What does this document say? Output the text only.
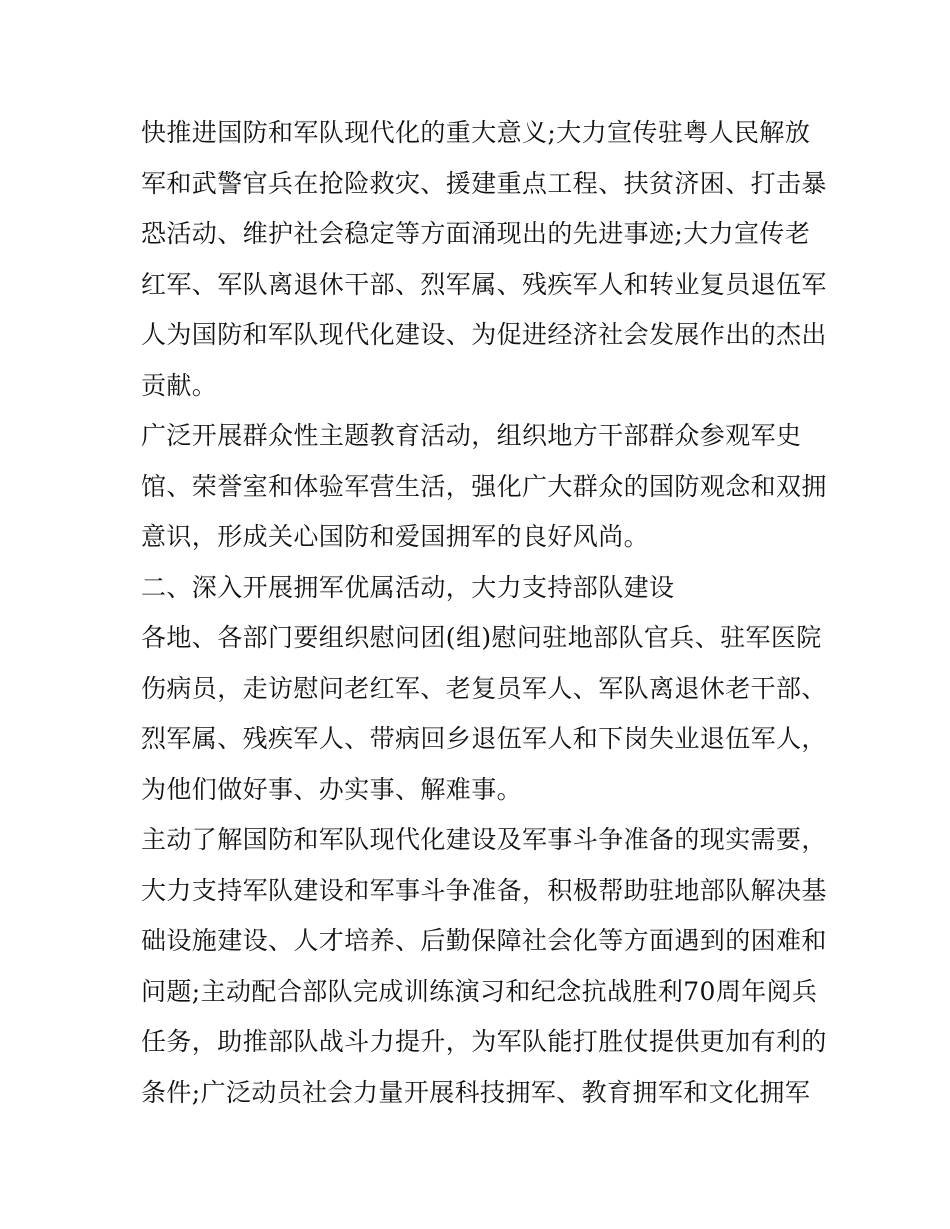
快推进国防和军队现代化的重大意义;大力宣传驻粤人民解放

军和武警官兵在抢险救灾、援建重点工程、扶贫济困、打击暴

恐活动、维护社会稳定等方面涌现出的先进事迹;大力宣传老

红军、军队离退休干部、烈军属、残疾军人和转业复员退伍军

人为国防和军队现代化建设、为促进经济社会发展作出的杰出

贡献。

广泛开展群众性主题教育活动，组织地方干部群众参观军史

馆、荣誉室和体验军营生活，强化广大群众的国防观念和双拥

意识，形成关心国防和爱国拥军的良好风尚。

二、深入开展拥军优属活动，大力支持部队建设

各地、各部门要组织慰问团(组)慰问驻地部队官兵、驻军医院

伤病员，走访慰问老红军、老复员军人、军队离退休老干部、

烈军属、残疾军人、带病回乡退伍军人和下岗失业退伍军人，

为他们做好事、办实事、解难事。

主动了解国防和军队现代化建设及军事斗争准备的现实需要，

大力支持军队建设和军事斗争准备，积极帮助驻地部队解决基

础设施建设、人才培养、后勤保障社会化等方面遇到的困难和

问题;主动配合部队完成训练演习和纪念抗战胜利70周年阅兵

任务，助推部队战斗力提升，为军队能打胜仗提供更加有利的

条件;广泛动员社会力量开展科技拥军、教育拥军和文化拥军
